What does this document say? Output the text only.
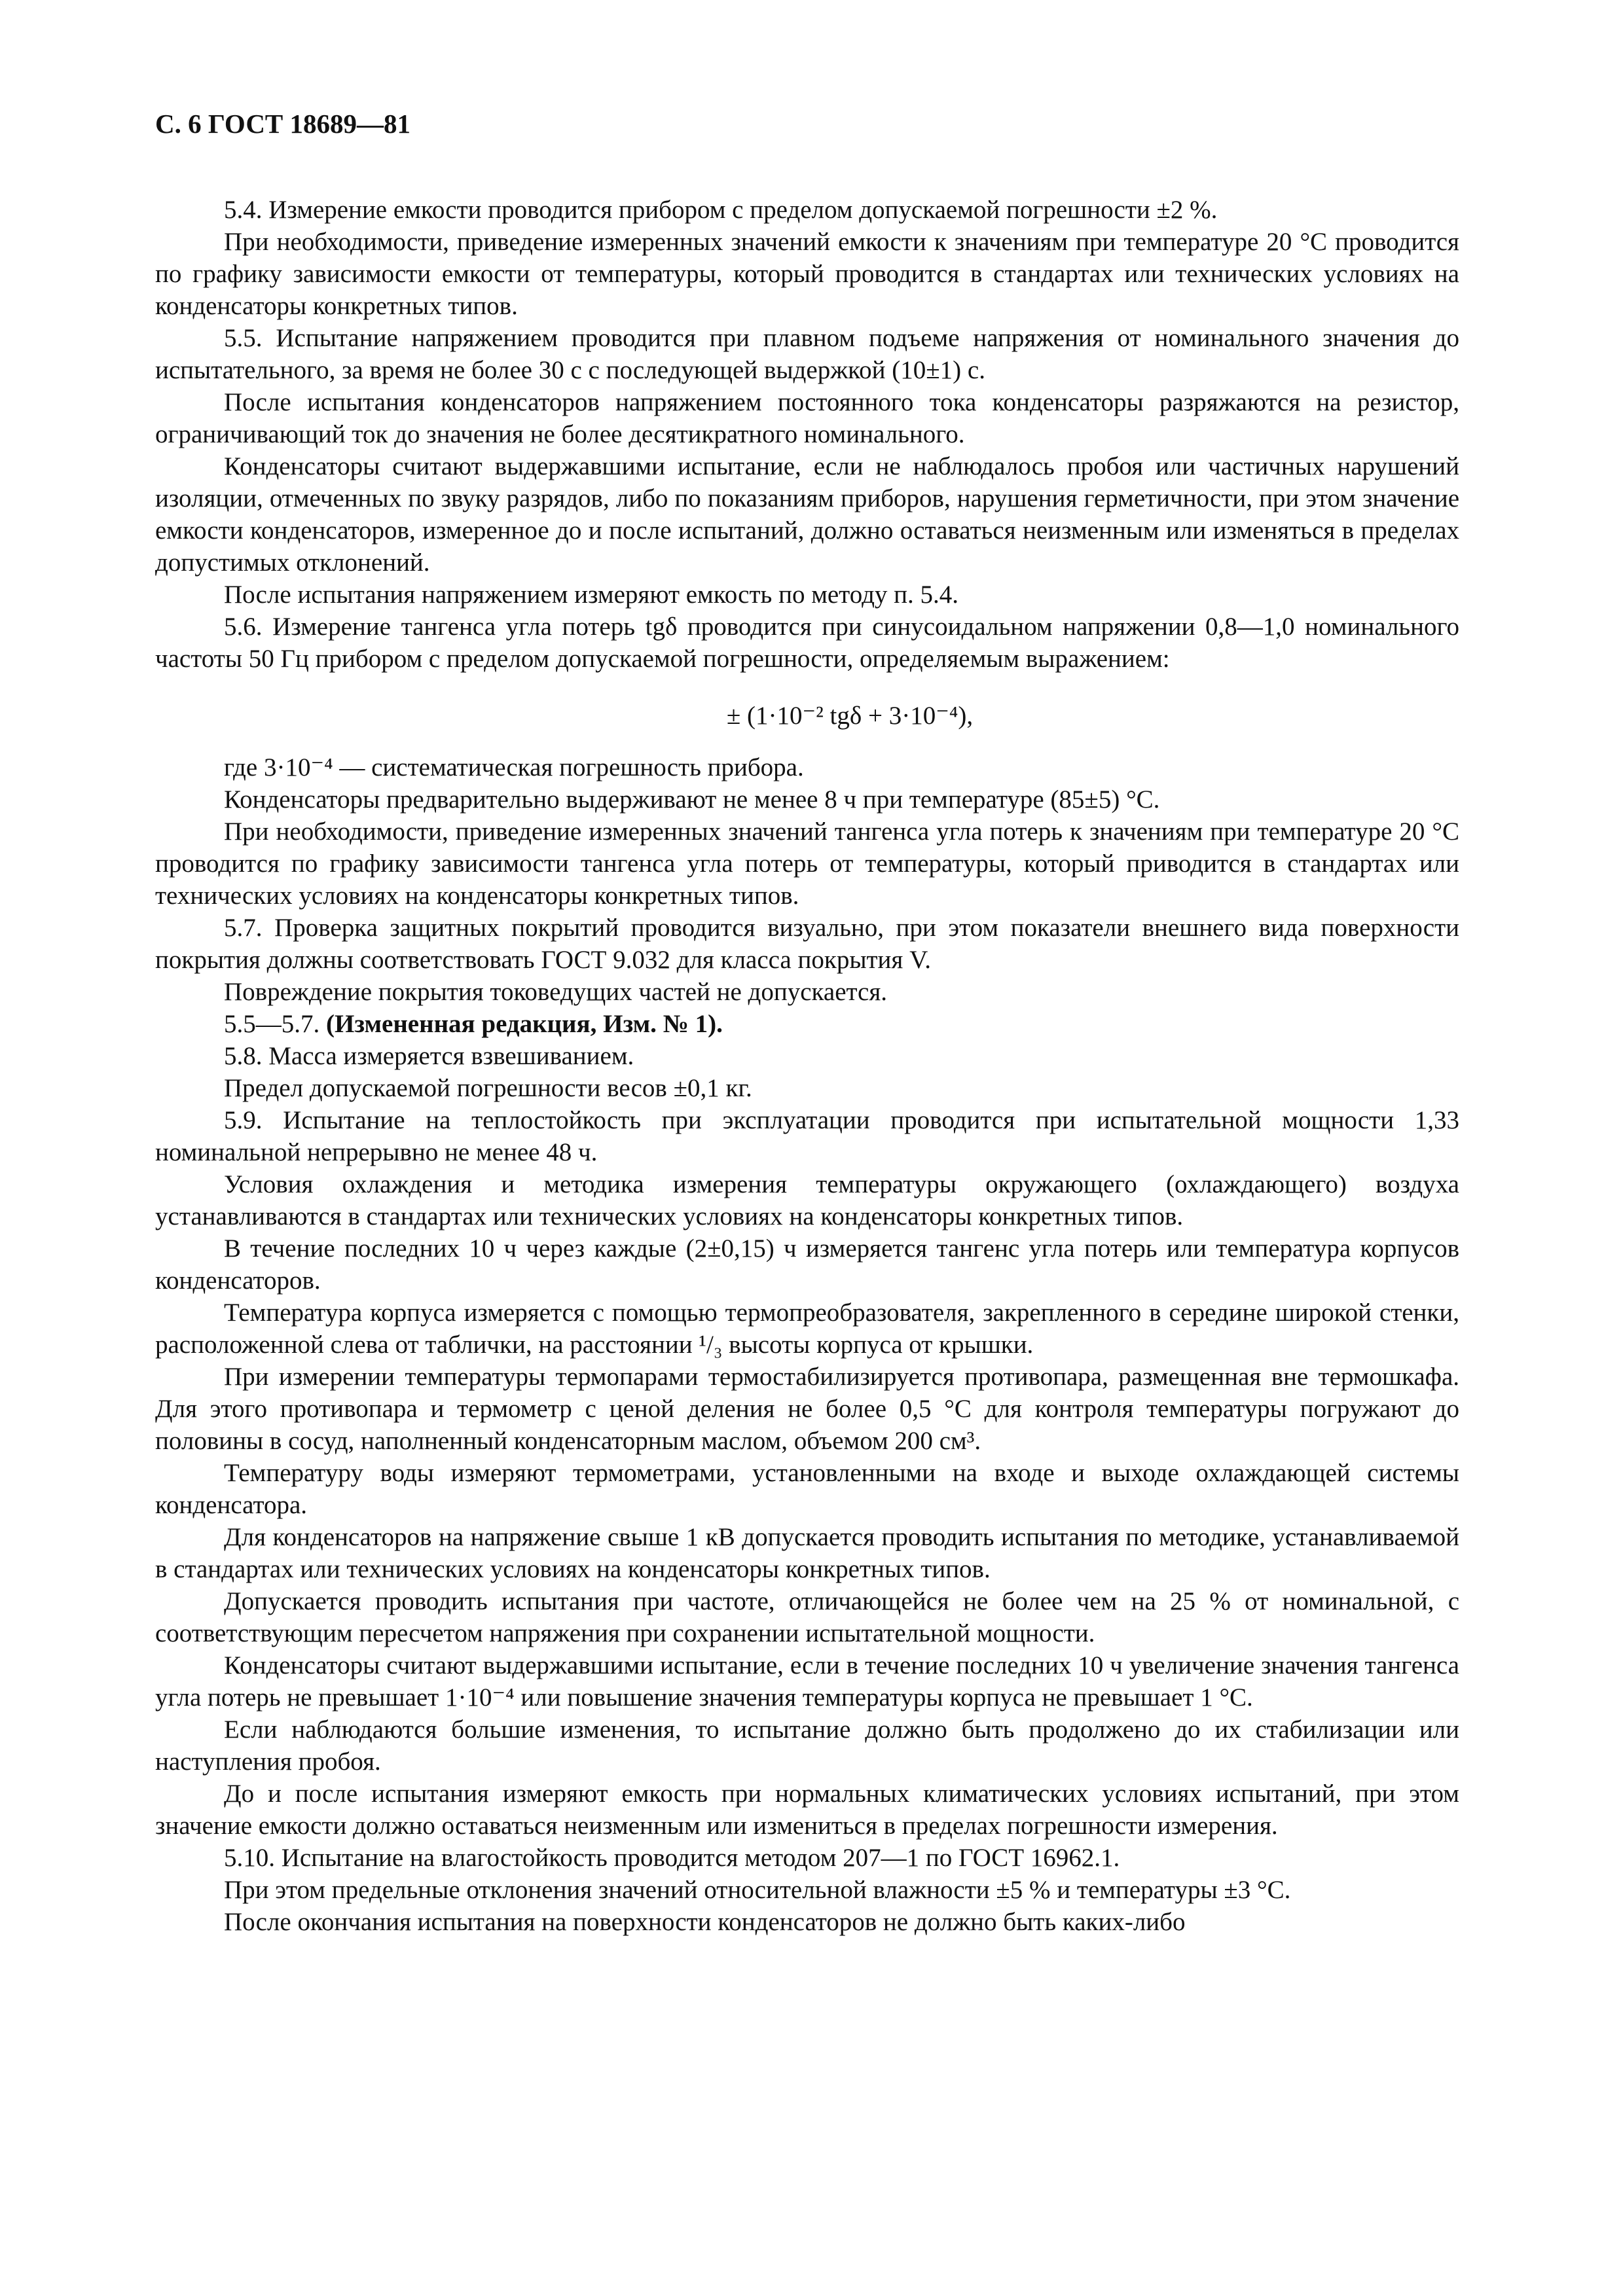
С. 6 ГОСТ 18689—81

5.4. Измерение емкости проводится прибором с пределом допускаемой погрешности ±2 %.

При необходимости, приведение измеренных значений емкости к значениям при температуре 20 °С проводится по графику зависимости емкости от температуры, который проводится в стандартах или технических условиях на конденсаторы конкретных типов.

5.5. Испытание напряжением проводится при плавном подъеме напряжения от номинального значения до испытательного, за время не более 30 с с последующей выдержкой (10±1) с.

После испытания конденсаторов напряжением постоянного тока конденсаторы разряжаются на резистор, ограничивающий ток до значения не более десятикратного номинального.

Конденсаторы считают выдержавшими испытание, если не наблюдалось пробоя или частичных нарушений изоляции, отмеченных по звуку разрядов, либо по показаниям приборов, нарушения герметичности, при этом значение емкости конденсаторов, измеренное до и после испытаний, должно оставаться неизменным или изменяться в пределах допустимых отклонений.

После испытания напряжением измеряют емкость по методу п. 5.4.

5.6. Измерение тангенса угла потерь tgδ проводится при синусоидальном напряжении 0,8—1,0 номинального частоты 50 Гц прибором с пределом допускаемой погрешности, определяемым выражением:

± (1·10⁻² tgδ + 3·10⁻⁴),

где 3·10⁻⁴ — систематическая погрешность прибора.

Конденсаторы предварительно выдерживают не менее 8 ч при температуре (85±5) °С.

При необходимости, приведение измеренных значений тангенса угла потерь к значениям при температуре 20 °С проводится по графику зависимости тангенса угла потерь от температуры, который приводится в стандартах или технических условиях на конденсаторы конкретных типов.

5.7. Проверка защитных покрытий проводится визуально, при этом показатели внешнего вида поверхности покрытия должны соответствовать ГОСТ 9.032 для класса покрытия V.

Повреждение покрытия токоведущих частей не допускается.

5.5—5.7. (Измененная редакция, Изм. № 1).

5.8. Масса измеряется взвешиванием.

Предел допускаемой погрешности весов ±0,1 кг.

5.9. Испытание на теплостойкость при эксплуатации проводится при испытательной мощности 1,33 номинальной непрерывно не менее 48 ч.

Условия охлаждения и методика измерения температуры окружающего (охлаждающего) воздуха устанавливаются в стандартах или технических условиях на конденсаторы конкретных типов.

В течение последних 10 ч через каждые (2±0,15) ч измеряется тангенс угла потерь или температура корпусов конденсаторов.

Температура корпуса измеряется с помощью термопреобразователя, закрепленного в середине широкой стенки, расположенной слева от таблички, на расстоянии ¹/₃ высоты корпуса от крышки.

При измерении температуры термопарами термостабилизируется противопара, размещенная вне термошкафа. Для этого противопара и термометр с ценой деления не более 0,5 °С для контроля температуры погружают до половины в сосуд, наполненный конденсаторным маслом, объемом 200 см³.

Температуру воды измеряют термометрами, установленными на входе и выходе охлаждающей системы конденсатора.

Для конденсаторов на напряжение свыше 1 кВ допускается проводить испытания по методике, устанавливаемой в стандартах или технических условиях на конденсаторы конкретных типов.

Допускается проводить испытания при частоте, отличающейся не более чем на 25 % от номинальной, с соответствующим пересчетом напряжения при сохранении испытательной мощности.

Конденсаторы считают выдержавшими испытание, если в течение последних 10 ч увеличение значения тангенса угла потерь не превышает 1·10⁻⁴ или повышение значения температуры корпуса не превышает 1 °С.

Если наблюдаются большие изменения, то испытание должно быть продолжено до их стабилизации или наступления пробоя.

До и после испытания измеряют емкость при нормальных климатических условиях испытаний, при этом значение емкости должно оставаться неизменным или измениться в пределах погрешности измерения.

5.10. Испытание на влагостойкость проводится методом 207—1 по ГОСТ 16962.1.

При этом предельные отклонения значений относительной влажности ±5 % и температуры ±3 °С.

После окончания испытания на поверхности конденсаторов не должно быть каких-либо
